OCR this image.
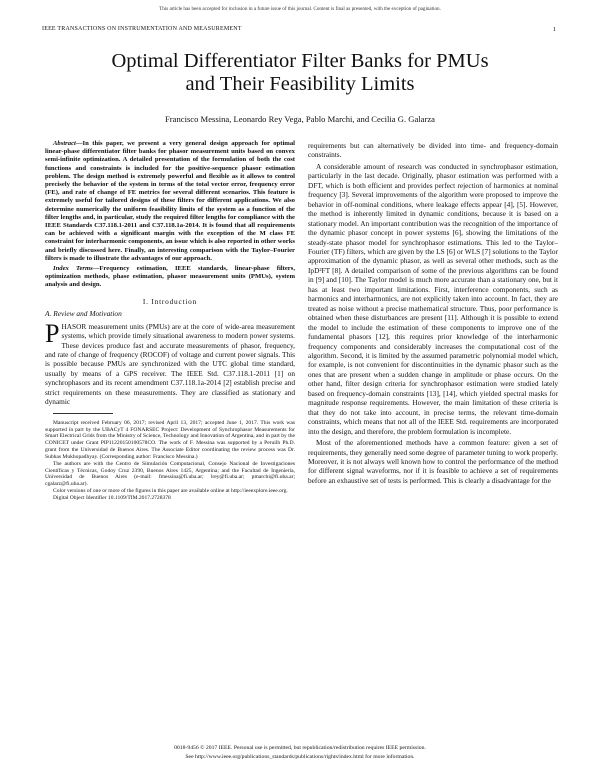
This article has been accepted for inclusion in a future issue of this journal. Content is final as presented, with the exception of pagination.
IEEE TRANSACTIONS ON INSTRUMENTATION AND MEASUREMENT	1
Optimal Differentiator Filter Banks for PMUs
and Their Feasibility Limits
Francisco Messina, Leonardo Rey Vega, Pablo Marchi, and Cecilia G. Galarza

Abstract—In this paper, we present a very general design approach for optimal linear-phase differentiator filter banks for phasor measurement units based on convex semi-infinite optimization. A detailed presentation of the formulation of both the cost functions and constraints is included for the positive-sequence phasor estimation problem. The design method is extremely powerful and flexible as it allows to control precisely the behavior of the system in terms of the total vector error, frequency error (FE), and rate of change of FE metrics for several different scenarios. This feature is extremely useful for tailored designs of these filters for different applications. We also determine numerically the uniform feasibility limits of the system as a function of the filter lengths and, in particular, study the required filter lengths for compliance with the IEEE Standards C37.118.1-2011 and C37.118.1a-2014. It is found that all requirements can be achieved with a significant margin with the exception of the M class FE constraint for interharmonic components, an issue which is also reported in other works and briefly discussed here. Finally, an interesting comparison with the Taylor–Fourier filters is made to illustrate the advantages of our approach.

Index Terms—Frequency estimation, IEEE standards, linear-phase filters, optimization methods, phase estimation, phasor measurement units (PMUs), system analysis and design.

I. Introduction
A. Review and Motivation

PHASOR measurement units (PMUs) are at the core of wide-area measurement systems, which provide timely situational awareness to modern power systems. These devices produce fast and accurate measurements of phasor, frequency, and rate of change of frequency (ROCOF) of voltage and current power signals. This is possible because PMUs are synchronized with the UTC global time standard, usually by means of a GPS receiver. The IEEE Std. C37.118.1-2011 [1] on synchrophasors and its recent amendment C37.118.1a-2014 [2] establish precise and strict requirements on these measurements. They are classified as stationary and dynamic

Manuscript received February 06, 2017; revised April 13, 2017; accepted June 1, 2017. This work was supported in part by the UBACyT 4 FONARSEC Project: Development of Synchrophasor Measurements for Smart Electrical Grids from the Ministry of Science, Technology and Innovation of Argentina, and in part by the CONICET under Grant PIP11220150100578CO. The work of F. Messina was supported by a Peruilh Ph.D. grant from the Universidad de Buenos Aires. The Associate Editor coordinating the review process was Dr. Subhas Mukhopadhyay. (Corresponding author: Francisco Messina.)

The authors are with the Centro de Simulación Computacional, Consejo Nacional de Investigaciones Científicas y Técnicas, Godoy Cruz 2390, Buenos Aires 1425, Argentina; and the Facultad de Ingeniería, Universidad de Buenos Aires (e-mail: fmessina@fi.uba.ar; lrey@fi.uba.ar; pmarchi@fi.uba.ar; cgalarz@fi.uba.ar).

Color versions of one or more of the figures in this paper are available online at http://ieeexplore.ieee.org.

Digital Object Identifier 10.1109/TIM.2017.2728378

requirements but can alternatively be divided into time- and frequency-domain constraints.

A considerable amount of research was conducted in synchrophasor estimation, particularly in the last decade. Originally, phasor estimation was performed with a DFT, which is both efficient and provides perfect rejection of harmonics at nominal frequency [3]. Several improvements of the algorithm were proposed to improve the behavior in off-nominal conditions, where leakage effects appear [4], [5]. However, the method is inherently limited in dynamic conditions, because it is based on a stationary model. An important contribution was the recognition of the importance of the dynamic phasor concept in power systems [6], showing the limitations of the steady-state phasor model for synchrophasor estimations. This led to the Taylor–Fourier (TF) filters, which are given by the LS [6] or WLS [7] solutions to the Taylor approximation of the dynamic phasor, as well as several other methods, such as the IpD²FT [8]. A detailed comparison of some of the previous algorithms can be found in [9] and [10]. The Taylor model is much more accurate than a stationary one, but it has at least two important limitations. First, interference components, such as harmonics and interharmonics, are not explicitly taken into account. In fact, they are treated as noise without a precise mathematical structure. Thus, poor performance is obtained when these disturbances are present [11]. Although it is possible to extend the model to include the estimation of these components to improve one of the fundamental phasors [12], this requires prior knowledge of the interharmonic frequency components and considerably increases the computational cost of the algorithm. Second, it is limited by the assumed parametric polynomial model which, for example, is not convenient for discontinuities in the dynamic phasor such as the ones that are present when a sudden change in amplitude or phase occurs. On the other hand, filter design criteria for synchrophasor estimation were studied lately based on frequency-domain constraints [13], [14], which yielded spectral masks for magnitude response requirements. However, the main limitation of these criteria is that they do not take into account, in precise terms, the relevant time-domain constraints, which means that not all of the IEEE Std. requirements are incorporated into the design, and therefore, the problem formulation is incomplete.

Most of the aforementioned methods have a common feature: given a set of requirements, they generally need some degree of parameter tuning to work properly. Moreover, it is not always well known how to control the performance of the method for different signal waveforms, nor if it is feasible to achieve a set of requirements before an exhaustive set of tests is performed. This is clearly a disadvantage for the

0018-9456 © 2017 IEEE. Personal use is permitted, but republication/redistribution requires IEEE permission.
See http://www.ieee.org/publications_standards/publications/rights/index.html for more information.
